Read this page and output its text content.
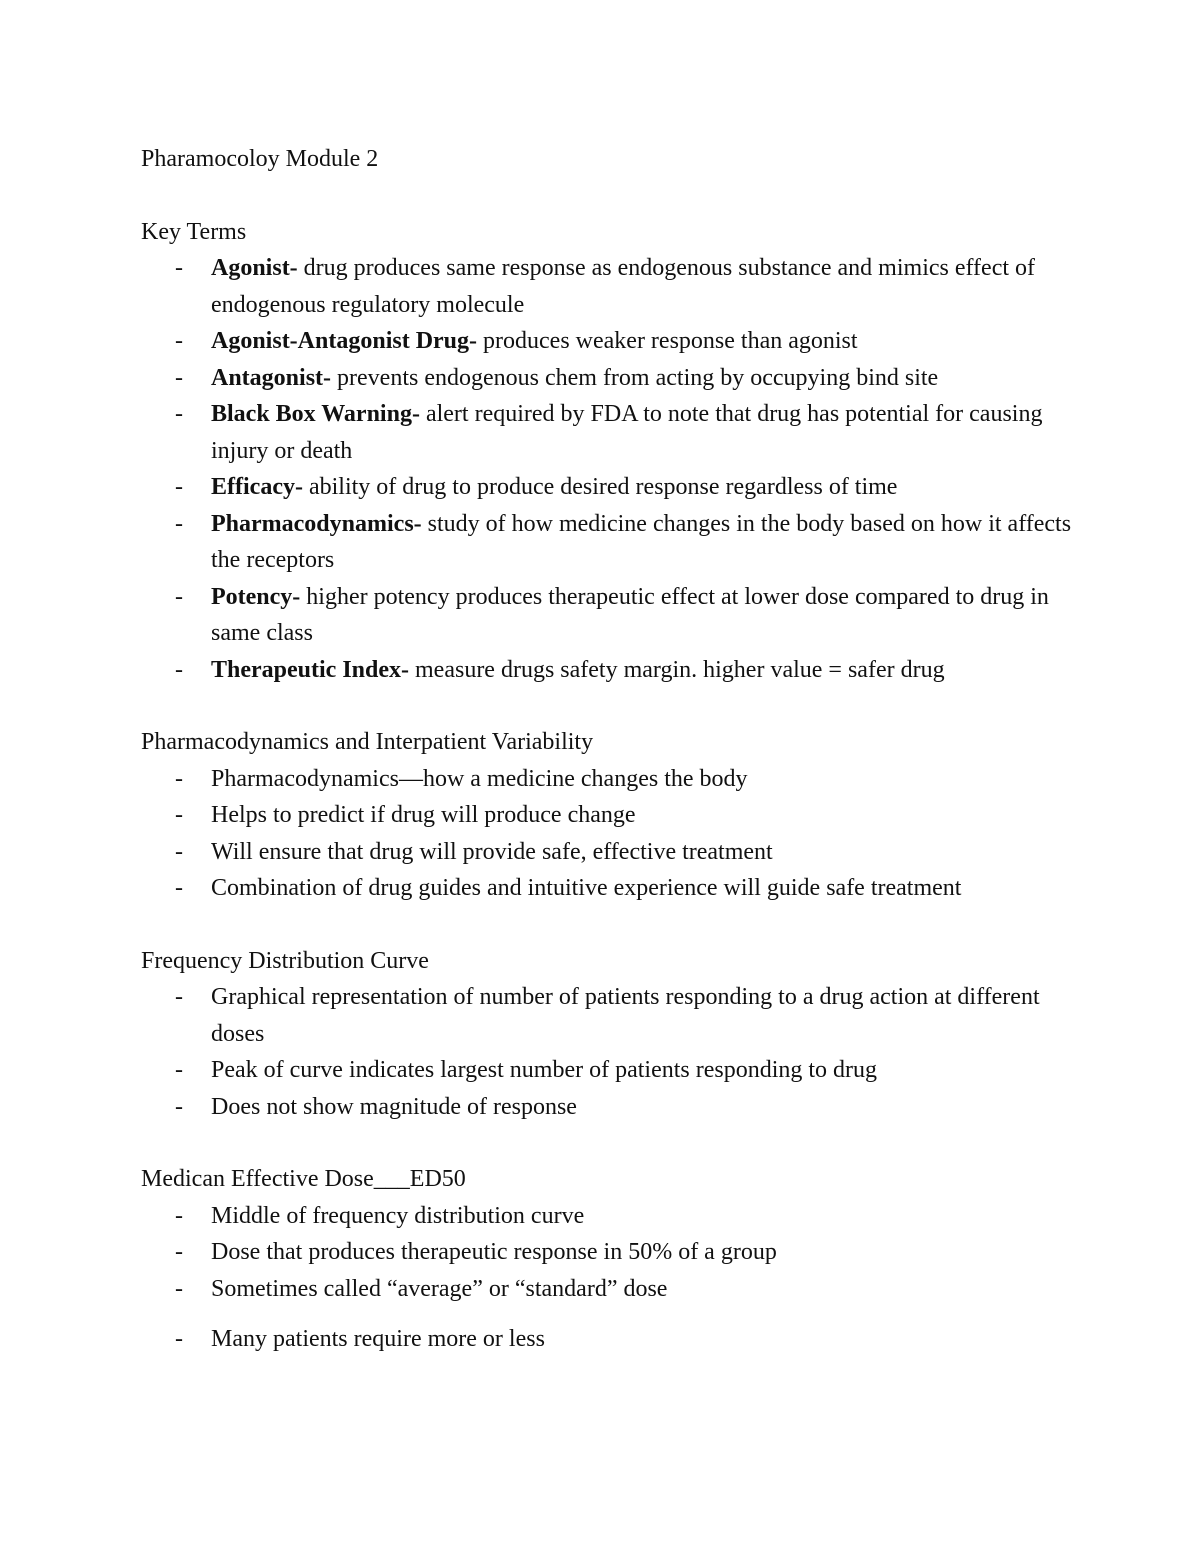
Pharamocoloy Module 2

Key Terms

- Agonist- drug produces same response as endogenous substance and mimics effect of endogenous regulatory molecule
- Agonist-Antagonist Drug- produces weaker response than agonist
- Antagonist- prevents endogenous chem from acting by occupying bind site
- Black Box Warning- alert required by FDA to note that drug has potential for causing injury or death
- Efficacy- ability of drug to produce desired response regardless of time
- Pharmacodynamics- study of how medicine changes in the body based on how it affects the receptors
- Potency- higher potency produces therapeutic effect at lower dose compared to drug in same class
- Therapeutic Index- measure drugs safety margin. higher value = safer drug

Pharmacodynamics and Interpatient Variability

- Pharmacodynamics—how a medicine changes the body
- Helps to predict if drug will produce change
- Will ensure that drug will provide safe, effective treatment
- Combination of drug guides and intuitive experience will guide safe treatment

Frequency Distribution Curve

- Graphical representation of number of patients responding to a drug action at different doses
- Peak of curve indicates largest number of patients responding to drug
- Does not show magnitude of response

Medican Effective Dose___ED50

- Middle of frequency distribution curve
- Dose that produces therapeutic response in 50% of a group
- Sometimes called “average” or “standard” dose
- Many patients require more or less
